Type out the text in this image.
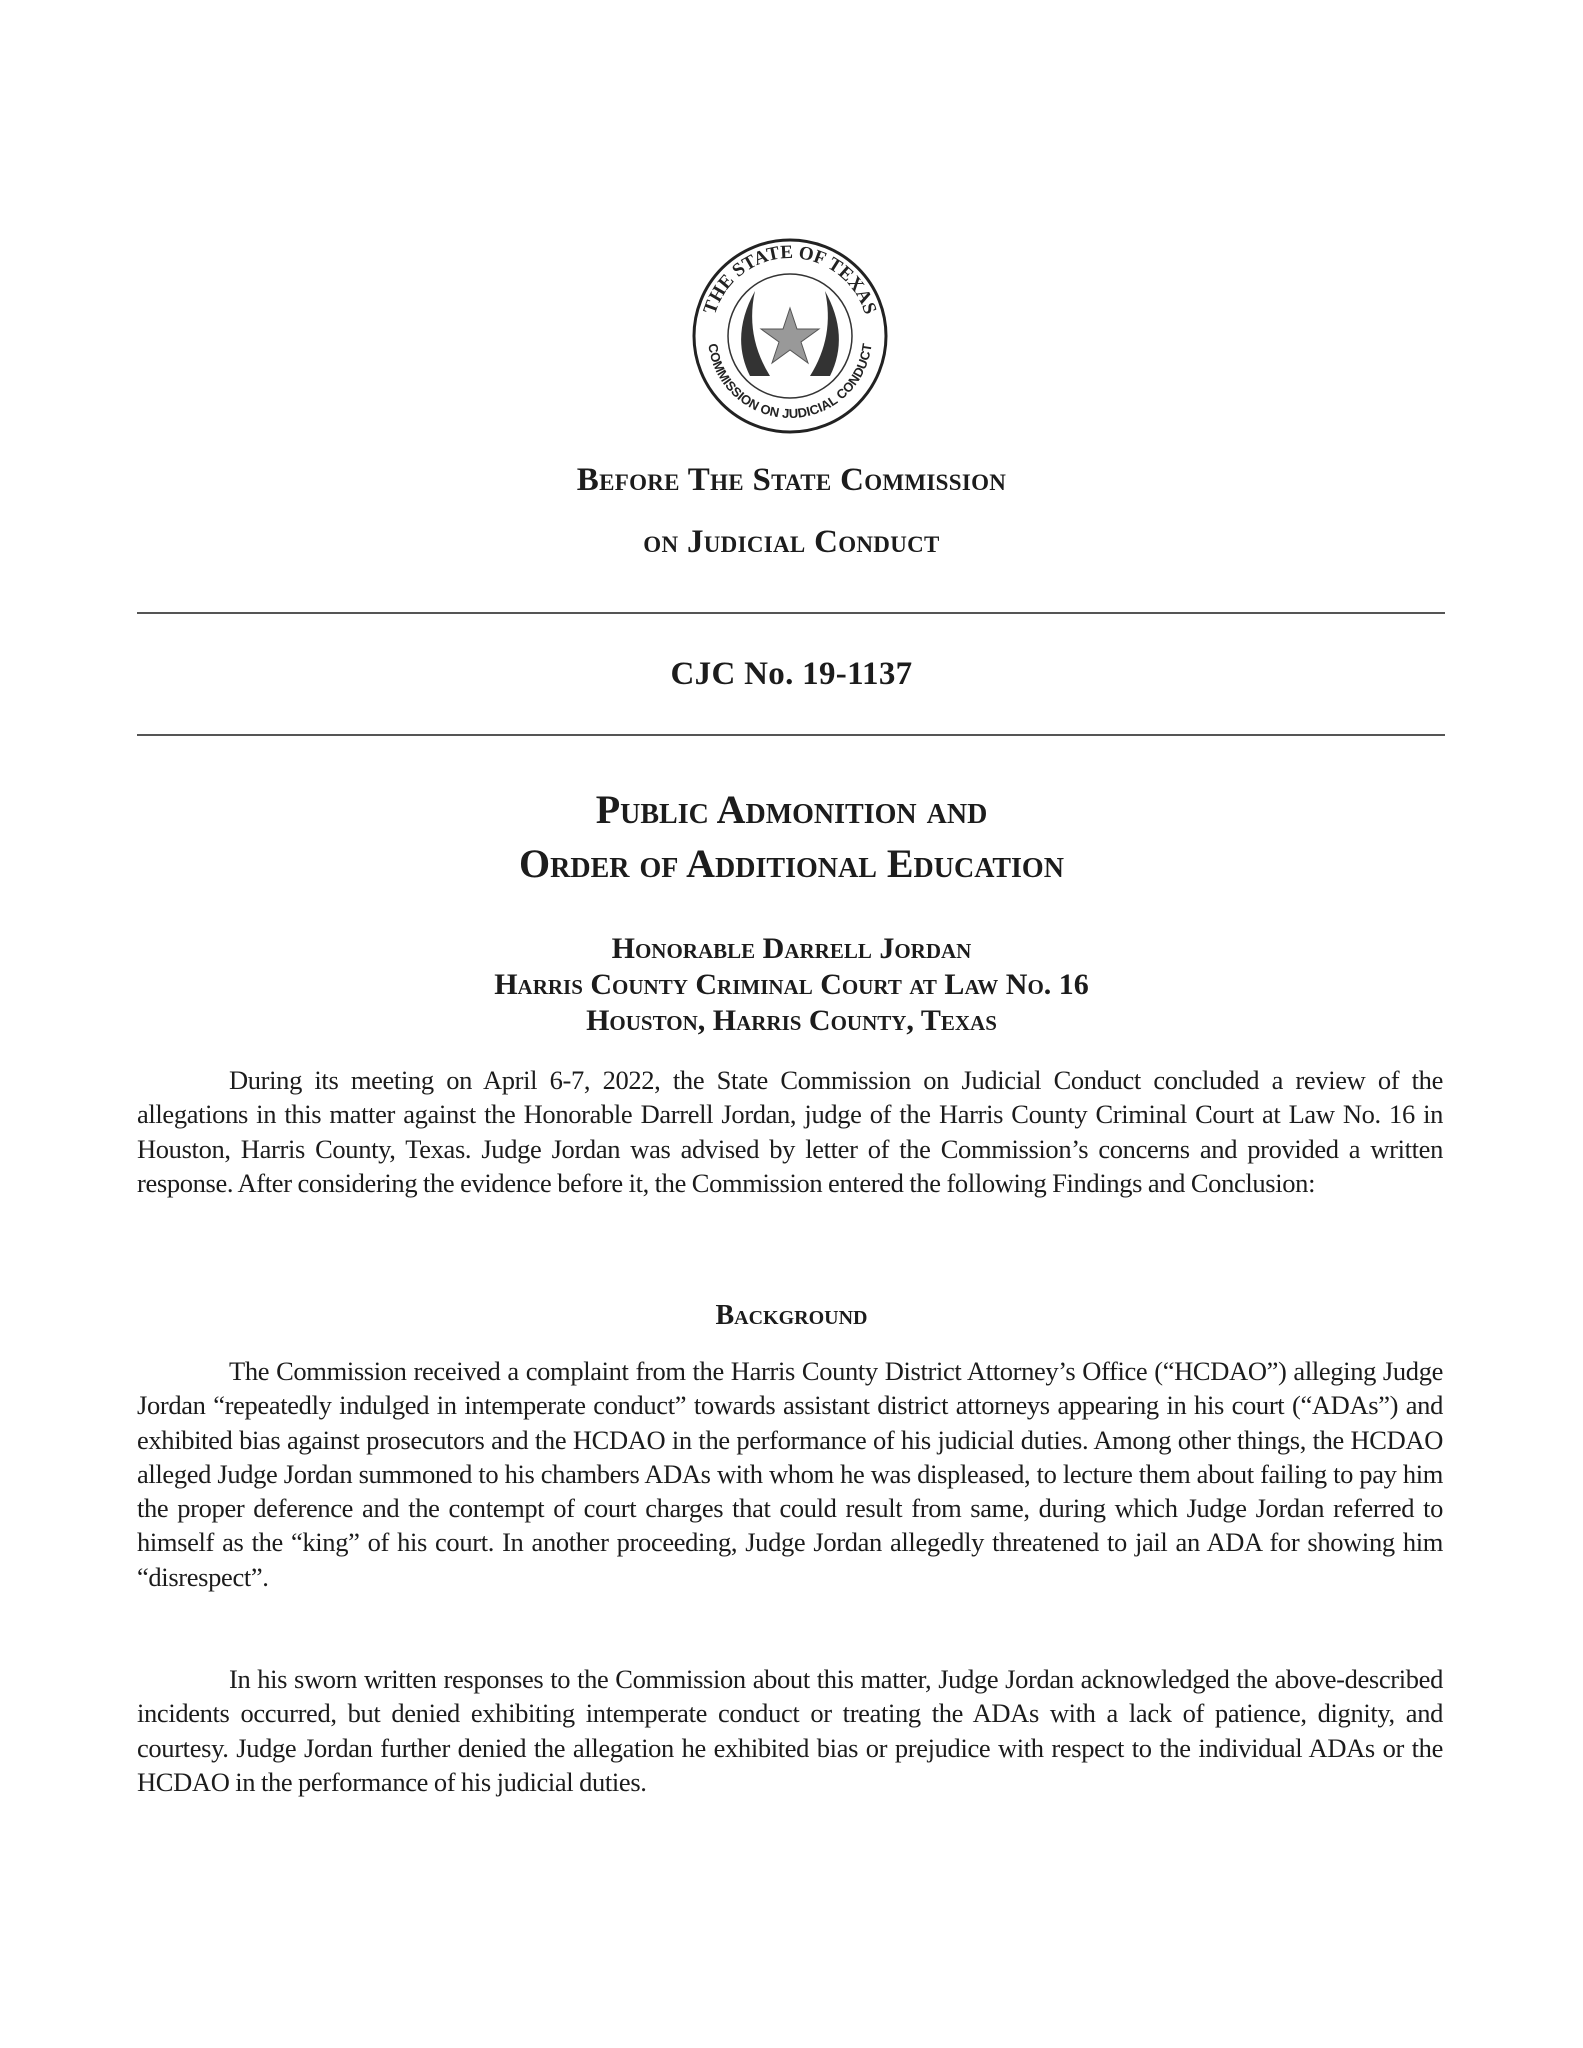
THE STATE OF TEXAS
COMMISSION ON JUDICIAL CONDUCT
Before The State Commission
on Judicial Conduct
CJC No. 19-1137
Public Admonition and
Order of Additional Education
Honorable Darrell Jordan
Harris County Criminal Court at Law No. 16
Houston, Harris County, Texas
During its meeting on April 6-7, 2022, the State Commission on Judicial Conduct concluded a review of the allegations in this matter against the Honorable Darrell Jordan, judge of the Harris County Criminal Court at Law No. 16 in Houston, Harris County, Texas. Judge Jordan was advised by letter of the Commission’s concerns and provided a written response. After considering the evidence before it, the Commission entered the following Findings and Conclusion:
Background
The Commission received a complaint from the Harris County District Attorney’s Office (“HCDAO”) alleging Judge Jordan “repeatedly indulged in intemperate conduct” towards assistant district attorneys appearing in his court (“ADAs”) and exhibited bias against prosecutors and the HCDAO in the performance of his judicial duties. Among other things, the HCDAO alleged Judge Jordan summoned to his chambers ADAs with whom he was displeased, to lecture them about failing to pay him the proper deference and the contempt of court charges that could result from same, during which Judge Jordan referred to himself as the “king” of his court. In another proceeding, Judge Jordan allegedly threatened to jail an ADA for showing him “disrespect”.
In his sworn written responses to the Commission about this matter, Judge Jordan acknowledged the above-described incidents occurred, but denied exhibiting intemperate conduct or treating the ADAs with a lack of patience, dignity, and courtesy. Judge Jordan further denied the allegation he exhibited bias or prejudice with respect to the individual ADAs or the HCDAO in the performance of his judicial duties.
